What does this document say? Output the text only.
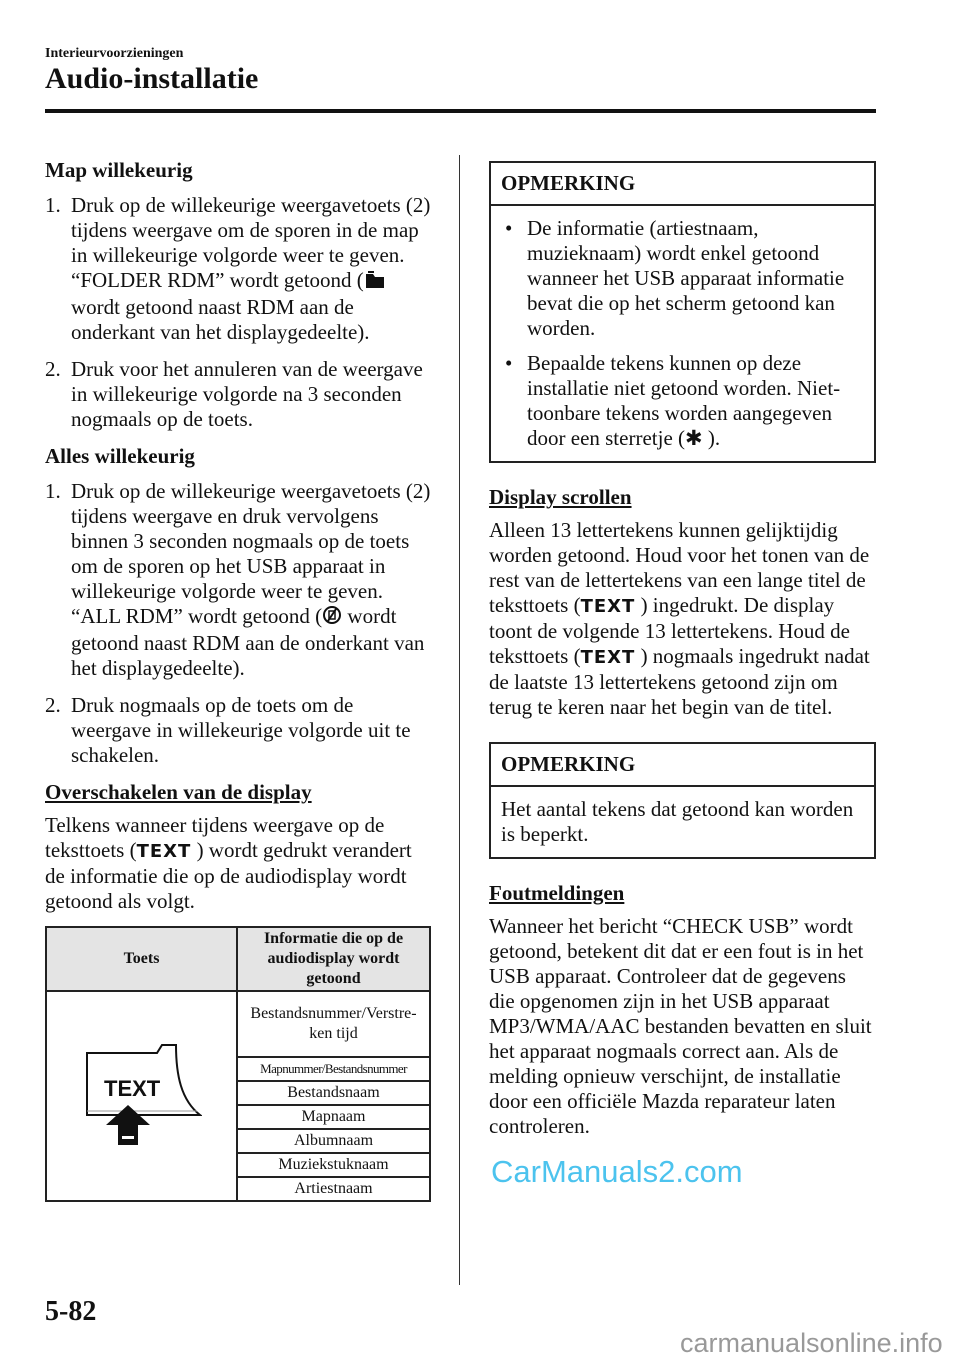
Interieurvoorzieningen
Audio-installatie
Map willekeurig
1. Druk op de willekeurige weergavetoets (2) tijdens weergave om de sporen in de map in willekeurige volgorde weer te geven. “FOLDER RDM” wordt getoond ( wordt getoond naast RDM aan de onderkant van het displaygedeelte).
2. Druk voor het annuleren van de weergave in willekeurige volgorde na 3 seconden nogmaals op de toets.
Alles willekeurig
1. Druk op de willekeurige weergavetoets (2) tijdens weergave en druk vervolgens binnen 3 seconden nogmaals op de toets om de sporen op het USB apparaat in willekeurige volgorde weer te geven. “ALL RDM” wordt getoond ( wordt getoond naast RDM aan de onderkant van het displaygedeelte).
2. Druk nogmaals op de toets om de weergave in willekeurige volgorde uit te schakelen.
Overschakelen van de display

Telkens wanneer tijdens weergave op de teksttoets (TEXT ) wordt gedrukt verandert de informatie die op de audiodisplay wordt getoond als volgt.

Toets	Informatie die op de audiodisplay wordt getoond

TEXT	Bestandsnummer/Verstre-ken tijd
	Mapnummer/Bestandsnummer
	Bestandsnaam
	Mapnaam
	Albumnaam
	Muziekstuknaam
	Artiestnaam
OPMERKING
• De informatie (artiestnaam, muzieknaam) wordt enkel getoond wanneer het USB apparaat informatie bevat die op het scherm getoond kan worden.
• Bepaalde tekens kunnen op deze installatie niet getoond worden. Niet-toonbare tekens worden aangegeven door een sterretje (✱ ).
Display scrollen

Alleen 13 lettertekens kunnen gelijktijdig worden getoond. Houd voor het tonen van de rest van de lettertekens van een lange titel de teksttoets (TEXT ) ingedrukt. De display toont de volgende 13 lettertekens. Houd de teksttoets (TEXT ) nogmaals ingedrukt nadat de laatste 13 lettertekens getoond zijn om terug te keren naar het begin van de titel.

OPMERKING
Het aantal tekens dat getoond kan worden is beperkt.
Foutmeldingen

Wanneer het bericht “CHECK USB” wordt getoond, betekent dit dat er een fout is in het USB apparaat. Controleer dat de gegevens die opgenomen zijn in het USB apparaat MP3/WMA/AAC bestanden bevatten en sluit het apparaat nogmaals correct aan. Als de melding opnieuw verschijnt, de installatie door een officiële Mazda reparateur laten controleren.

CarManuals2.com
carmanualsonline.info
5-82
